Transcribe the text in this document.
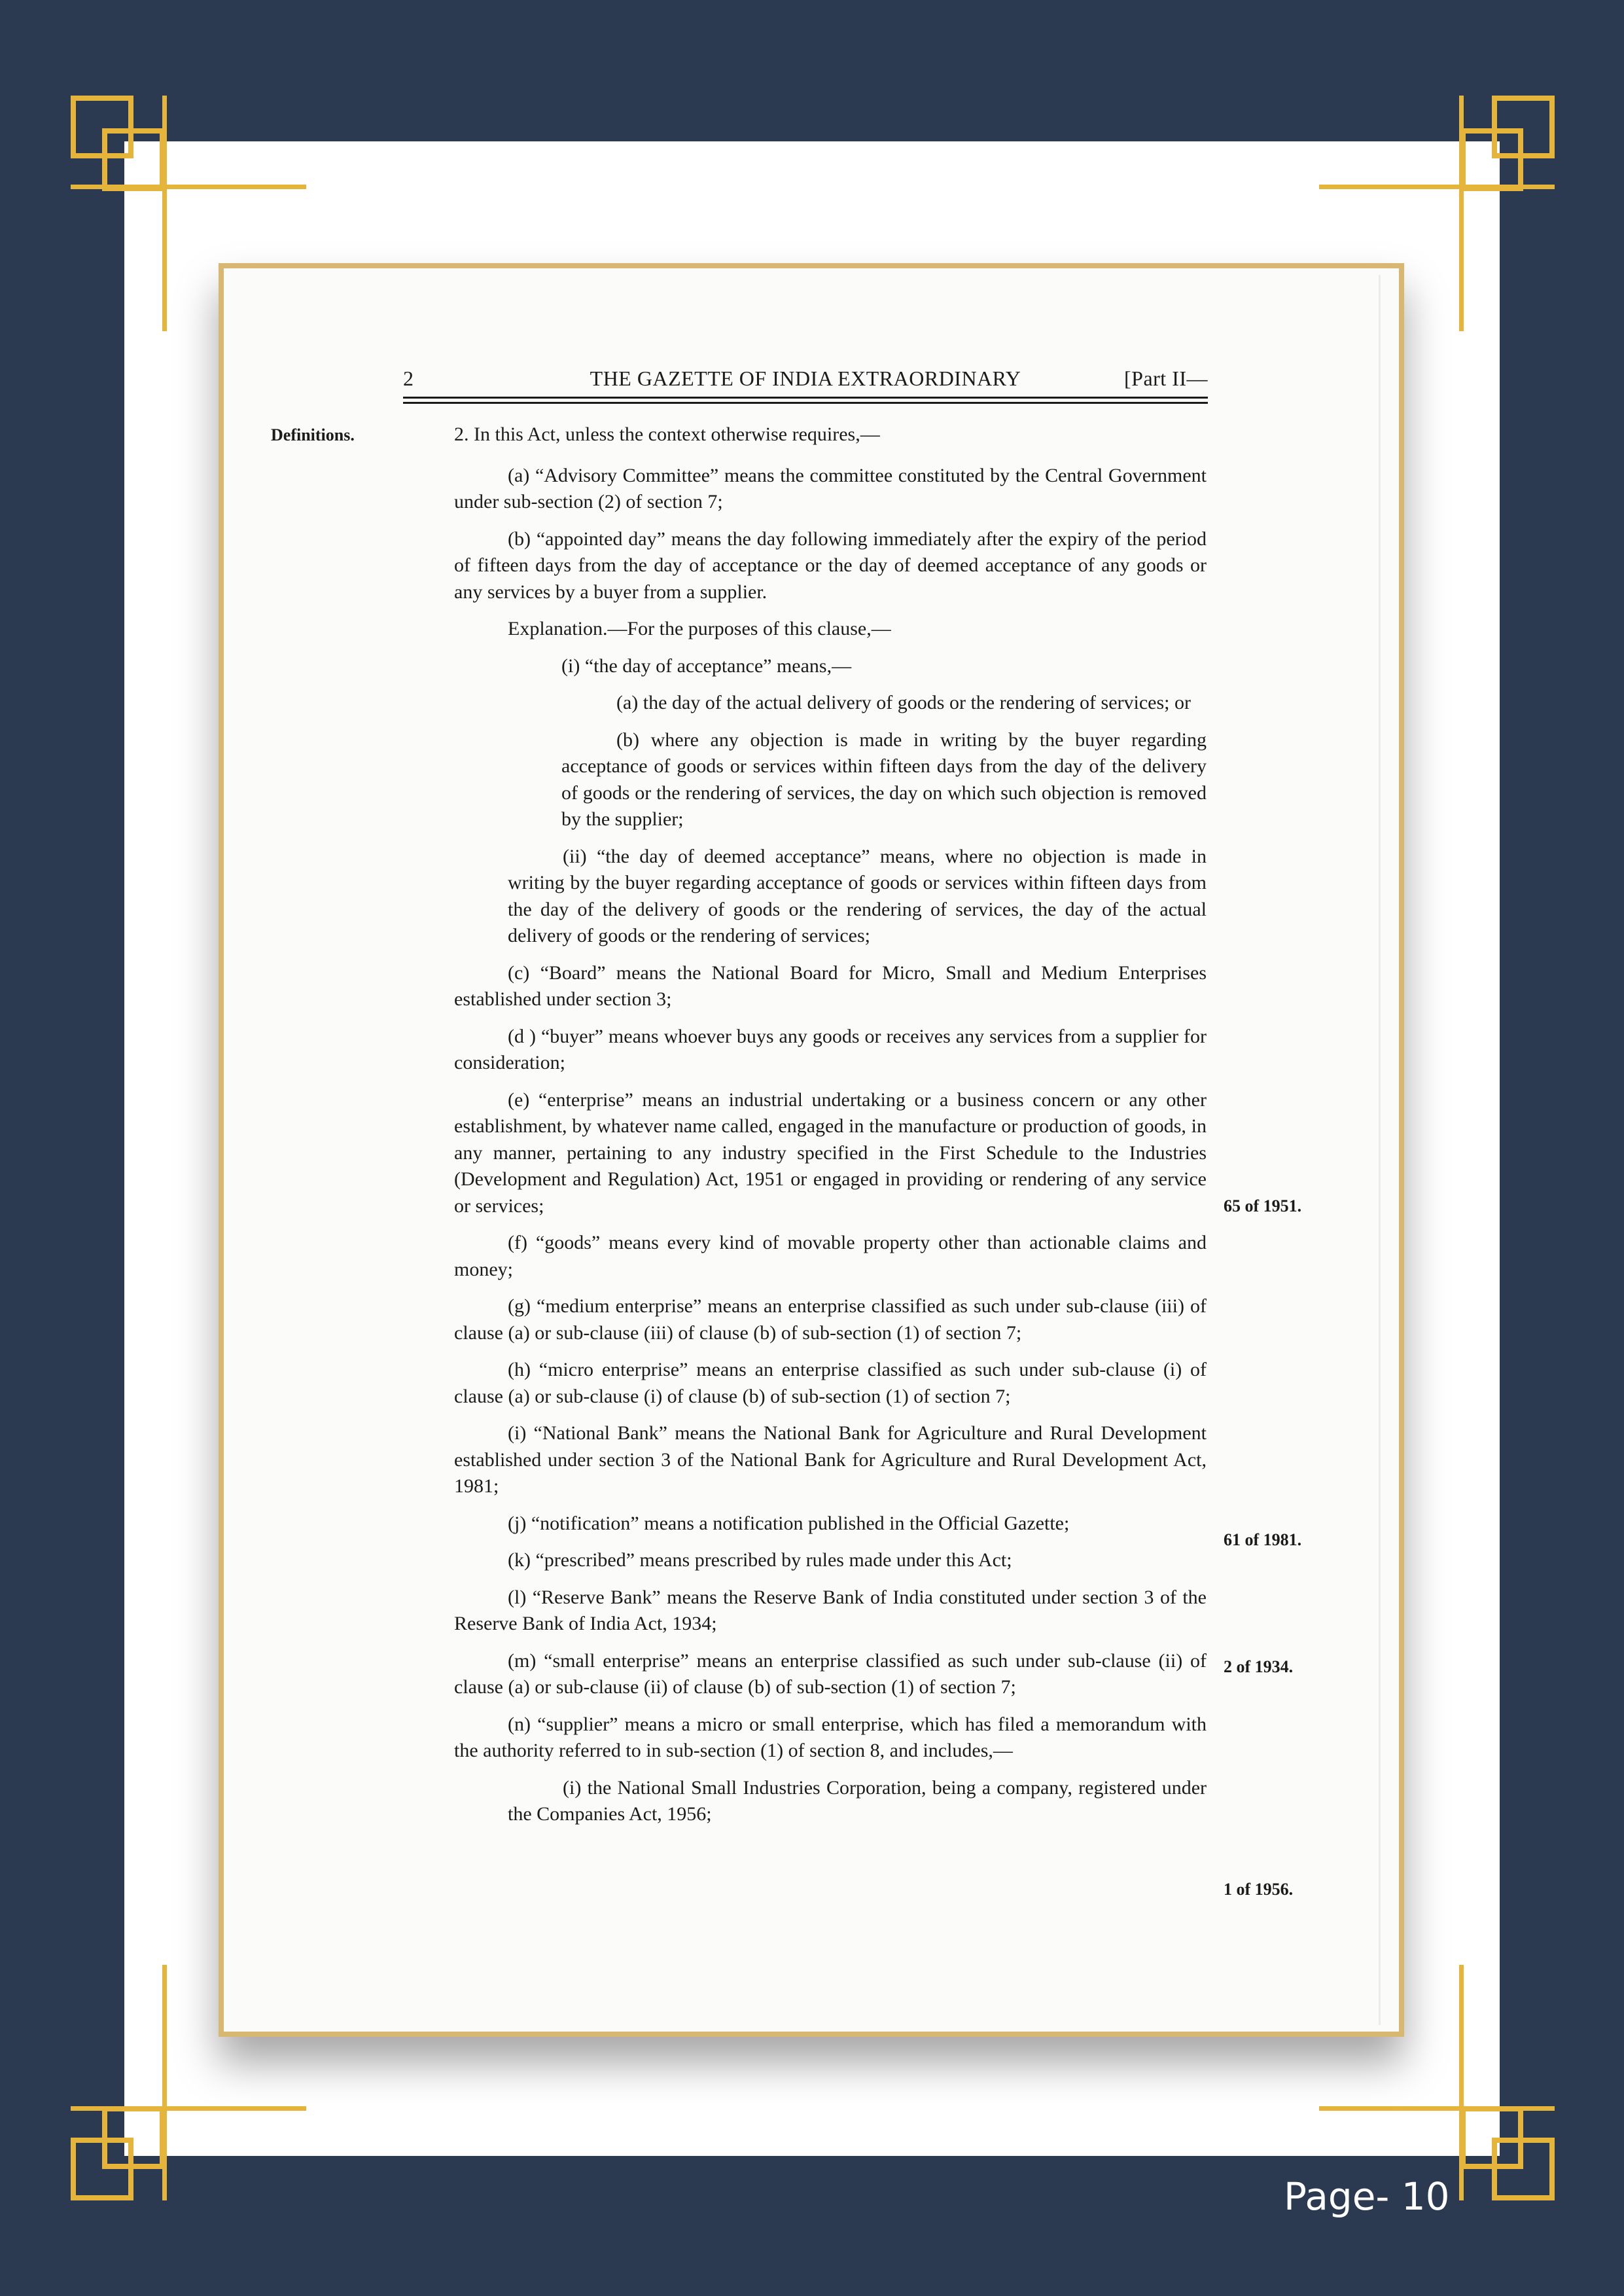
2	THE GAZETTE OF INDIA EXTRAORDINARY	[Part II—
Definitions.	2. In this Act, unless the context otherwise requires,—

(a) “Advisory Committee” means the committee constituted by the Central Government under sub-section (2) of section 7;

(b) “appointed day” means the day following immediately after the expiry of the period of fifteen days from the day of acceptance or the day of deemed acceptance of any goods or any services by a buyer from a supplier.

Explanation.—For the purposes of this clause,—

(i) “the day of acceptance” means,—

(a) the day of the actual delivery of goods or the rendering of services; or

(b) where any objection is made in writing by the buyer regarding acceptance of goods or services within fifteen days from the day of the delivery of goods or the rendering of services, the day on which such objection is removed by the supplier;

(ii) “the day of deemed acceptance” means, where no objection is made in writing by the buyer regarding acceptance of goods or services within fifteen days from the day of the delivery of goods or the rendering of services, the day of the actual delivery of goods or the rendering of services;

(c) “Board” means the National Board for Micro, Small and Medium Enterprises established under section 3;

(d ) “buyer” means whoever buys any goods or receives any services from a supplier for consideration;

(e) “enterprise” means an industrial undertaking or a business concern or any other establishment, by whatever name called, engaged in the manufacture or production of goods, in any manner, pertaining to any industry specified in the First Schedule to the Industries (Development and Regulation) Act, 1951 or engaged in providing or rendering of any service or services;

(f) “goods” means every kind of movable property other than actionable claims and money;

(g) “medium enterprise” means an enterprise classified as such under sub-clause (iii) of clause (a) or sub-clause (iii) of clause (b) of sub-section (1) of section 7;

(h) “micro enterprise” means an enterprise classified as such under sub-clause (i) of clause (a) or sub-clause (i) of clause (b) of sub-section (1) of section 7;

(i) “National Bank” means the National Bank for Agriculture and Rural Development established under section 3 of the National Bank for Agriculture and Rural Development Act, 1981;

(j) “notification” means a notification published in the Official Gazette;

(k) “prescribed” means prescribed by rules made under this Act;

(l) “Reserve Bank” means the Reserve Bank of India constituted under section 3 of the Reserve Bank of India Act, 1934;

(m) “small enterprise” means an enterprise classified as such under sub-clause (ii) of clause (a) or sub-clause (ii) of clause (b) of sub-section (1) of section 7;

(n) “supplier” means a micro or small enterprise, which has filed a memorandum with the authority referred to in sub-section (1) of section 8, and includes,—

(i) the National Small Industries Corporation, being a company, registered under the Companies Act, 1956;

65 of 1951.
61 of 1981.
2 of 1934.
1 of 1956.
Page- 10
